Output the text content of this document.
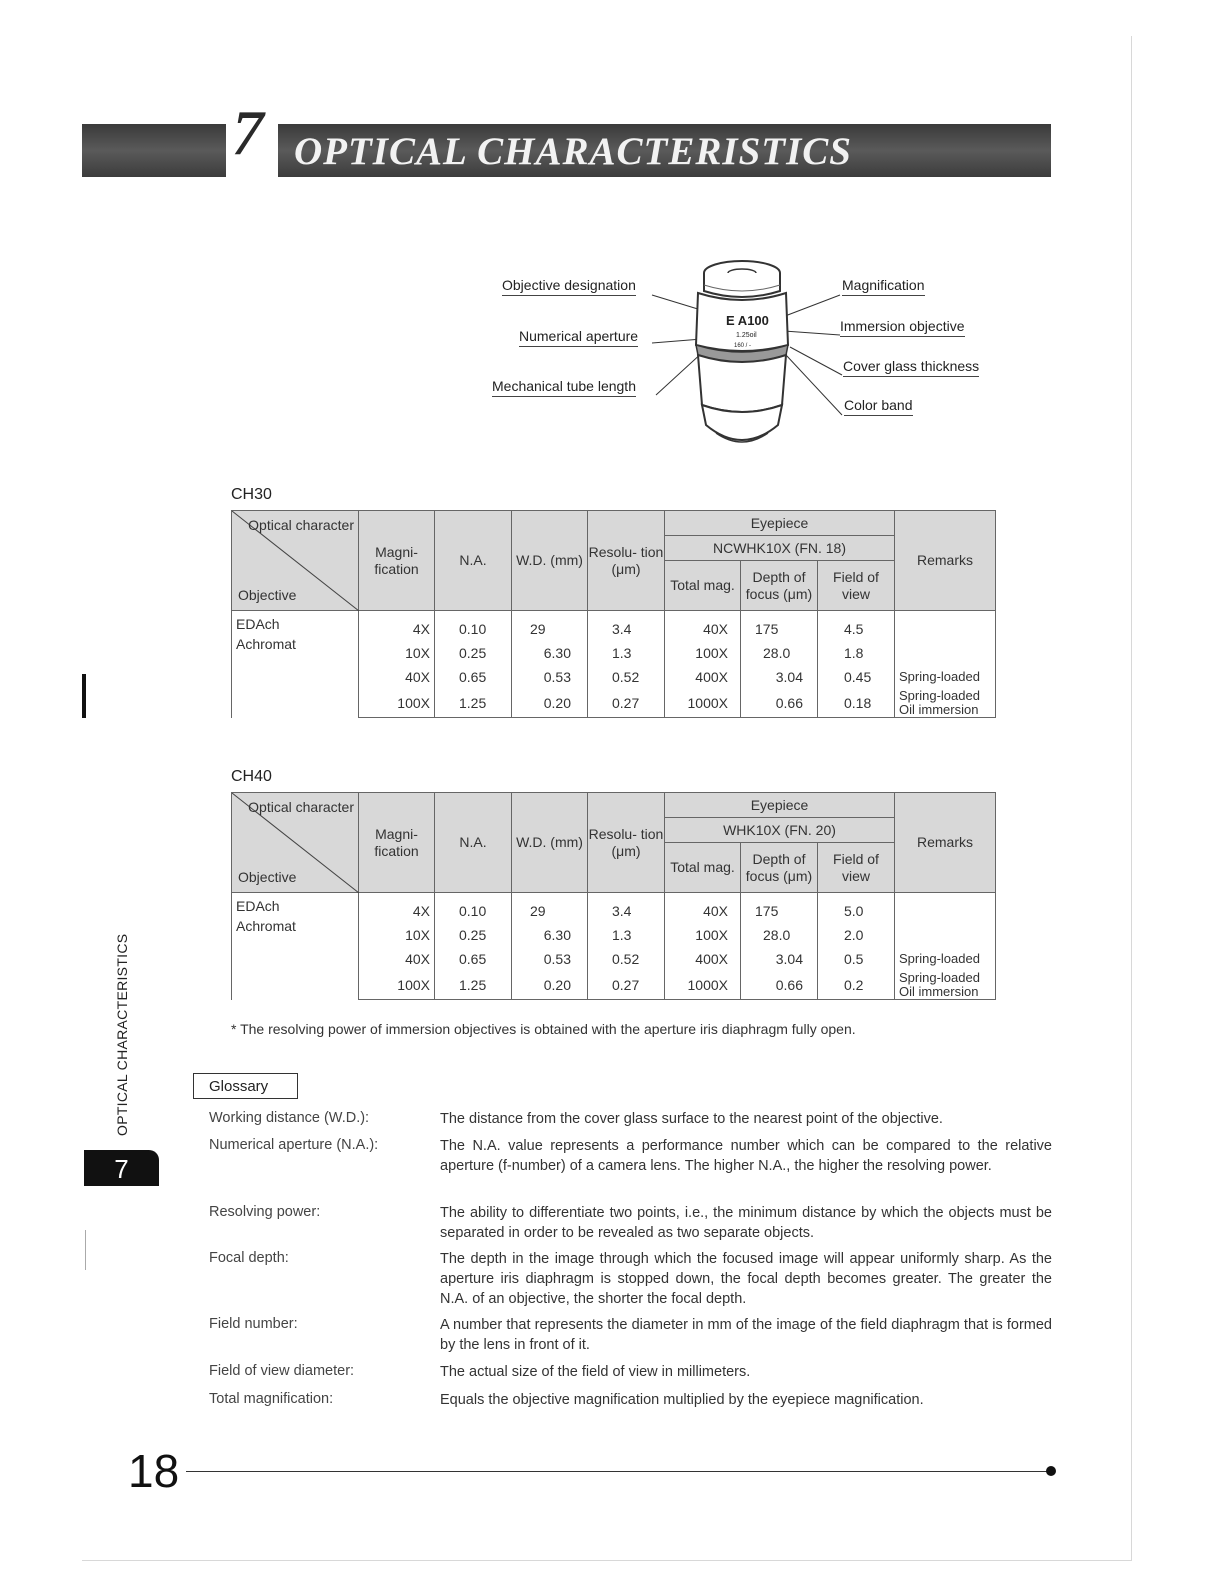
7 OPTICAL CHARACTERISTICS
E A100
1.25oil
160 / -
Objective designation
Numerical aperture
Mechanical tube length
Magnification
Immersion objective
Cover glass thickness
Color band
CH30
Optical character
Objective	Magni- fication	N.A.	W.D. (mm)	Resolu- tion (μm)	Eyepiece			Remarks
					NCWHK10X (FN. 18)			
					Total mag.	Depth of focus (μm)	Field of view	

EDAch
Achromat	4X	0.10	29	3.4	40X	175	4.5	

	10X	0.25	6.30	1.3	100X	28.0	1.8	

	40X	0.65	0.53	0.52	400X	3.04	0.45	Spring-loaded

	100X	1.25	0.20	0.27	1000X	0.66	0.18	Spring-loaded
Oil immersion
CH40
Optical character
Objective	Magni- fication	N.A.	W.D. (mm)	Resolu- tion (μm)	Eyepiece			Remarks
					WHK10X (FN. 20)			
					Total mag.	Depth of focus (μm)	Field of view	

EDAch
Achromat	4X	0.10	29	3.4	40X	175	5.0	

	10X	0.25	6.30	1.3	100X	28.0	2.0	

	40X	0.65	0.53	0.52	400X	3.04	0.5	Spring-loaded

	100X	1.25	0.20	0.27	1000X	0.66	0.2	Spring-loaded
Oil immersion
* The resolving power of immersion objectives is obtained with the aperture iris diaphragm fully open.
Glossary
Working distance (W.D.):	The distance from the cover glass surface to the nearest point of the objective.
Numerical aperture (N.A.):	The N.A. value represents a performance number which can be compared to the relative aperture (f-number) of a camera lens. The higher N.A., the higher the resolving power.
Resolving power:	The ability to differentiate two points, i.e., the minimum distance by which the objects must be separated in order to be revealed as two separate objects.
Focal depth:	The depth in the image through which the focused image will appear uniformly sharp. As the aperture iris diaphragm is stopped down, the focal depth becomes greater. The greater the N.A. of an objective, the shorter the focal depth.
Field number:	A number that represents the diameter in mm of the image of the field diaphragm that is formed by the lens in front of it.
Field of view diameter:	The actual size of the field of view in millimeters.
Total magnification:	Equals the objective magnification multiplied by the eyepiece magnification.
OPTICAL CHARACTERISTICS
7
18
